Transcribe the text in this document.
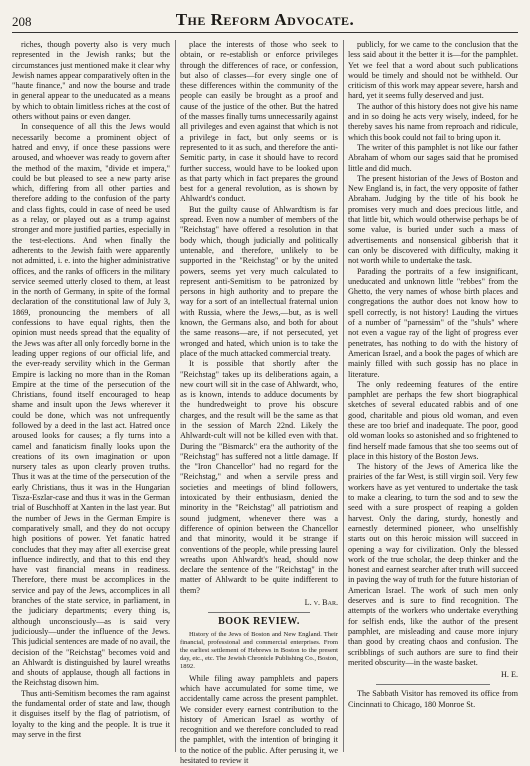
208	The Reform Advocate.

riches, though poverty also is very much represented in the Jewish ranks; but the circumstances just mentioned make it clear why Jewish names appear comparatively often in the "haute finance," and now the bourse and trade in general appear to the uneducated as a means by which to obtain limitless riches at the cost of others without pains or even danger.

In consequence of all this the Jews would necessarily become a prominent object of hatred and envy, if once these passions were aroused, and whoever was ready to govern after the method of the maxim, "divide et impera," could be but pleased to see a new party arise which, differing from all other parties and therefore adding to the confusion of the party and class fights, could in case of need be used as a relay, or played out as a trump against stronger and more justified parties, especially in the test-elections. And when finally the adherents to the Jewish faith were apparently not admitted, i. e. into the higher administrative offices, and the ranks of officers in the military service seemed utterly closed to them, at least in the north of Germany, in spite of the formal declaration of the constitutional law of July 3, 1869, pronouncing the members of all confessions to have equal rights, then the opinion must needs spread that the equality of the Jews was after all only forcedly borne in the leading upper regions of our official life, and the ever-ready servility which in the German Empire is lacking no more than in the Roman Empire at the time of the persecution of the Christians, found itself encouraged to heap shame and insult upon the Jews wherever it could be done, which was not unfrequently followed by a deed in the last act. Hatred once aroused looks for causes; a fly turns into a camel and fanaticism finally looks upon the creations of its own imagination or upon nursery tales as upon clearly proven truths. Thus it was at the time of the persecution of the early Christians, thus it was in the Hungarian Tisza-Eszlar-case and thus it was in the German trial of Buschhoff at Xanten in the last year. But the number of Jews in the German Empire is comparatively small, and they do not occupy high positions of power. Yet fanatic hatred concludes that they may after all exercise great influence indirectly, and that to this end they have vast financial means in readiness. Therefore, there must be accomplices in the service and pay of the Jews, accomplices in all branches of the state service, in parliament, in the judiciary departments; every thing is, although unconsciously—as is said very judiciously—under the influence of the Jews. This judicial sentences are made of no avail, the decision of the "Reichstag" becomes void and an Ahlwardt is distinguished by laurel wreaths and shouts of applause, though all factions in the Reichstag disown him.

Thus anti-Semitism becomes the ram against the fundamental order of state and law, though it disguises itself by the flag of patriotism, of loyalty to the king and the people. It is true it may serve in the first

place the interests of those who seek to obtain, or re-establish or enforce privileges through the differences of race, or confession, but also of classes—for every single one of these differences within the community of the people can easily be brought as a proof and cause of the justice of the other. But the hatred of the masses finally turns unnecessarily against all privileges and even against that which is not a privilege in fact, but only seems or is represented to it as such, and therefore the anti-Semitic party, in case it should have to record further success, would have to be looked upon as that party which in fact prepares the ground best for a general revolution, as is shown by Ahlwardt's conduct.

But the guilty cause of Ahlwardtism is far spread. Even now a number of members of the "Reichstag" have offered a resolution in that body which, though judicially and politically untenable, and therefore, unlikely to be supported in the "Reichstag" or by the united powers, seems yet very much calculated to represent anti-Semitism to be patronized by persons in high authority and to prepare the way for a sort of an intellectual fraternal union with Russia, where the Jews,—but, as is well known, the Germans also, and both for about the same reasons—are, if not persecuted, yet wronged and hated, which union is to take the place of the much attacked commercial treaty.

It is possible that shortly after the "Reichstag" takes up its deliberations again, a new court will sit in the case of Ahlwardt, who, as is known, intends to adduce documents by the hundredweight to prove his obscure charges, and the result will be the same as that in the session of March 22nd. Likely the Ahlwardt-cult will not be killed even with that. During the "Bismarck" era the authority of the "Reichstag" has suffered not a little damage. If the "Iron Chancellor" had no regard for the "Reichstag," and when a servile press and societies and meetings of blind followers, intoxicated by their enthusiasm, denied the minority in the "Reichstag" all patriotism and sound judgment, whenever there was a difference of opinion between the Chancellor and that minority, would it be strange if conventions of the people, while pressing laurel wreaths upon Ahlwardt's head, should now declare the sentence of the "Reichstag" in the matter of Ahlwardt to be quite indifferent to them?

L. v. Bar.

BOOK REVIEW.

History of the Jews of Boston and New England. Their financial, professional and commercial enterprises. From the earliest settlement of Hebrews in Boston to the present day, etc., etc. The Jewish Chronicle Publishing Co., Boston, 1892.

While filing away pamphlets and papers which have accumulated for some time, we accidentally came across the present pamphlet. We consider every earnest contribution to the history of American Israel as worthy of recognition and we therefore concluded to read the pamphlet, with the intention of bringing it to the notice of the public. After perusing it, we hesitated to review it

publicly, for we came to the conclusion that the less said about it the better it is—for the pamphlet. Yet we feel that a word about such publications would be timely and should not be withheld. Our criticism of this work may appear severe, harsh and hard, yet it seems fully deserved and just.

The author of this history does not give his name and in so doing he acts very wisely, indeed, for he thereby saves his name from reproach and ridicule, which this book could not fail to bring upon it.

The writer of this pamphlet is not like our father Abraham of whom our sages said that he promised little and did much.

The present historian of the Jews of Boston and New England is, in fact, the very opposite of father Abraham. Judging by the title of his book he promises very much and does precious little, and that little bit, which would otherwise perhaps be of some value, is buried under such a mass of advertisements and nonsensical gibberish that it can only be discovered with difficulty, making it not worth while to undertake the task.

Parading the portraits of a few insignificant, uneducated and unknown little "rebbes" from the Ghetto, the very names of whose birth places and congregations the author does not know how to spell correctly, is not history! Lauding the virtues of a number of "parnessim" of the "shuls" where not even a vague ray of the light of progress ever penetrates, has nothing to do with the history of American Israel, and a book the pages of which are mainly filled with such gossip has no place in literature.

The only redeeming features of the entire pamphlet are perhaps the few short biographical sketches of several educated rabbis and of one good, charitable and pious old woman, and even these are too brief and inadequate. The poor, good old woman looks so astonished and so frightened to find herself made famous that she too seems out of place in this history of the Boston Jews.

The history of the Jews of America like the prairies of the far West, is still virgin soil. Very few workers have as yet ventured to undertake the task to make a clearing, to turn the sod and to sew the seed with a sure prospect of reaping a golden harvest. Only the daring, sturdy, honestly and earnestly determined pioneer, who unselfishly starts out on this heroic mission will succeed in opening a way for civilization. Only the blessed work of the true scholar, the deep thinker and the honest and earnest searcher after truth will succeed in paving the way of truth for the future historian of American Israel. The work of such men only deserves and is sure to find recognition. The attempts of the workers who undertake everything for selfish ends, like the author of the present pamphlet, are misleading and cause more injury than good by creating chaos and confusion. The scribblings of such authors are sure to find their merited obscurity—in the waste basket.

H. E.

The Sabbath Visitor has removed its office from Cincinnati to Chicago, 180 Monroe St.
